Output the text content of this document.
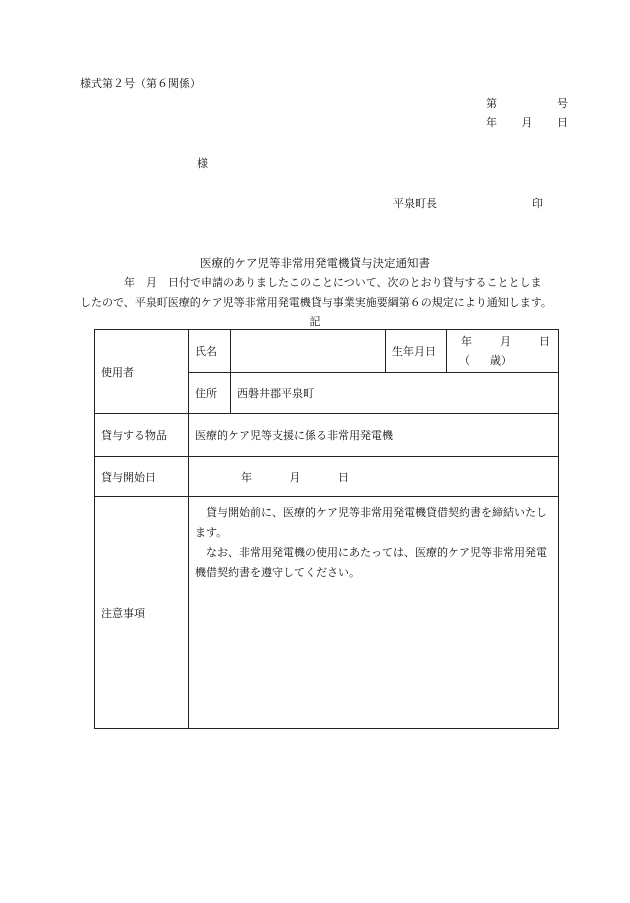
様式第２号（第６関係）
第	号
年 月 日
様
平泉町長	印
医療的ケア児等非常用発電機貸与決定通知書
年　月　日付で申請のありましたこのことについて、次のとおり貸与することとしま
したので、平泉町医療的ケア児等非常用発電機貸与事業実施要綱第６の規定により通知します。
記
使用者	氏名		生年月日	年 月 日
（ 歳）

	住所	西磐井郡平泉町		
貸与する物品	医療的ケア児等支援に係る非常用発電機			
貸与開始日	年 月 日			

注意事項	貸与開始前に、医療的ケア児等非常用発電機貸借契約書を締結いたします。

なお、非常用発電機の使用にあたっては、医療的ケア児等非常用発電機借契約書を遵守してください。			
